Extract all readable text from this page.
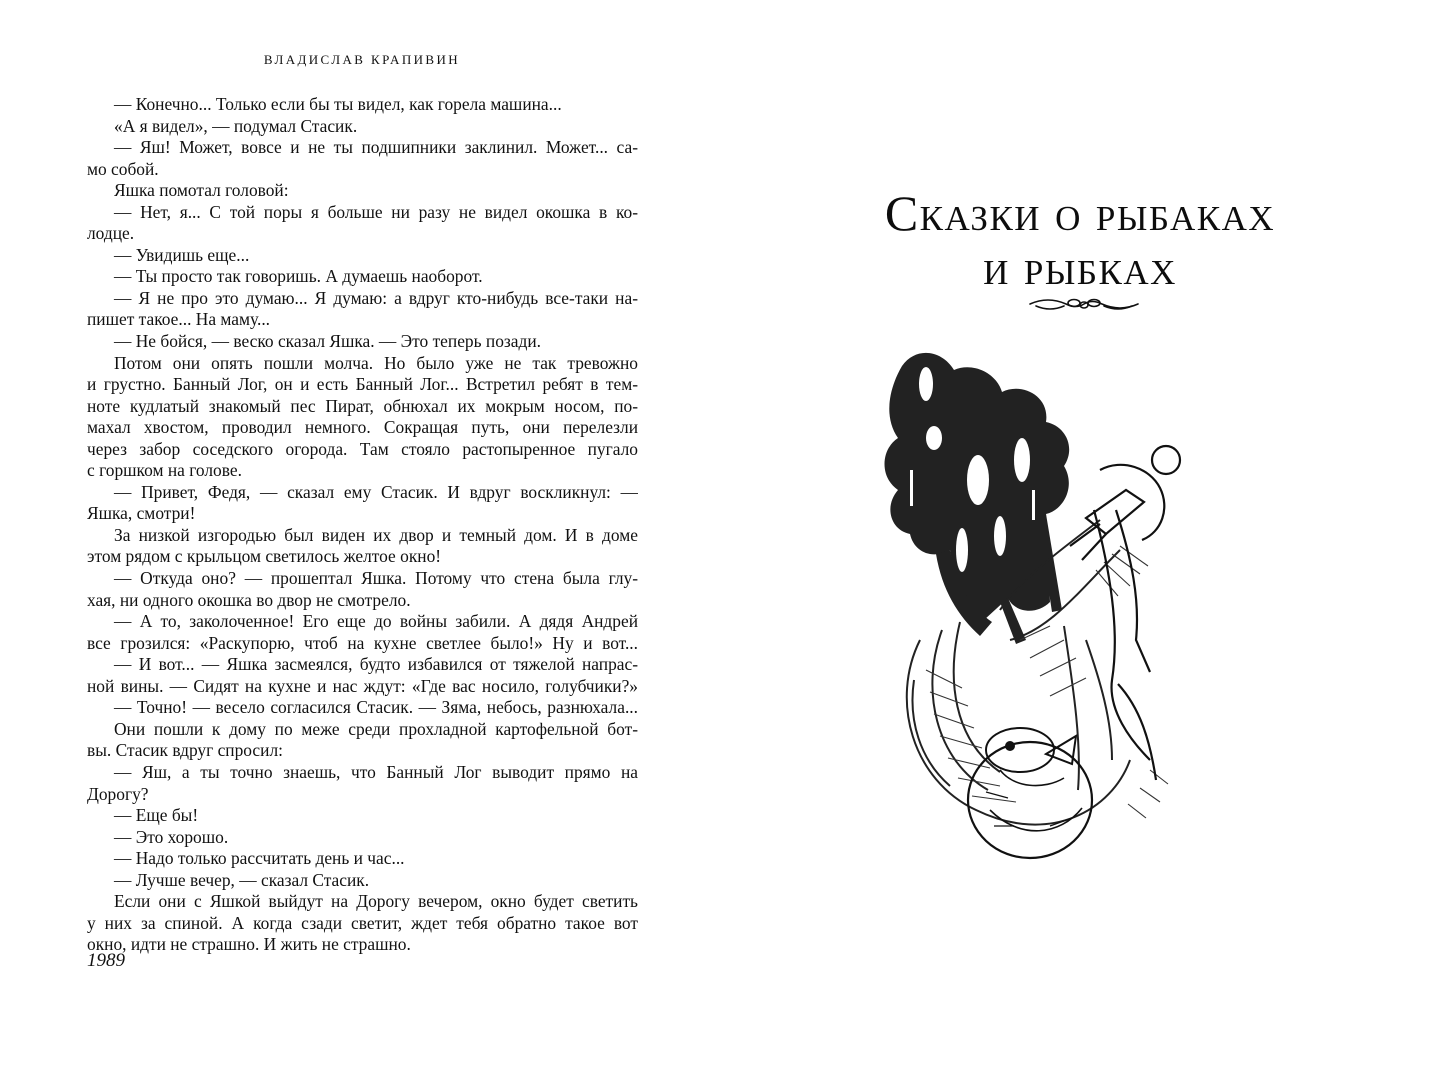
ВЛАДИСЛАВ КРАПИВИН
— Конечно... Только если бы ты видел, как горела машина...
«А я видел», — подумал Стасик.
— Яш! Может, вовсе и не ты подшипники заклинил. Может... са-
мо собой.
Яшка помотал головой:
— Нет, я... С той поры я больше ни разу не видел окошка в ко-
лодце.
— Увидишь еще...
— Ты просто так говоришь. А думаешь наоборот.
— Я не про это думаю... Я думаю: а вдруг кто-нибудь все-таки на-
пишет такое... На маму...
— Не бойся, — веско сказал Яшка. — Это теперь позади.
Потом они опять пошли молча. Но было уже не так тревожно
и грустно. Банный Лог, он и есть Банный Лог... Встретил ребят в тем-
ноте кудлатый знакомый пес Пират, обнюхал их мокрым носом, по-
махал хвостом, проводил немного. Сокращая путь, они перелезли
через забор соседского огорода. Там стояло растопыренное пугало
с горшком на голове.
— Привет, Федя, — сказал ему Стасик. И вдруг воскликнул: —
Яшка, смотри!
За низкой изгородью был виден их двор и темный дом. И в доме
этом рядом с крыльцом светилось желтое окно!
— Откуда оно? — прошептал Яшка. Потому что стена была глу-
хая, ни одного окошка во двор не смотрело.
— А то, заколоченное! Его еще до войны забили. А дядя Андрей
все грозился: «Раскупорю, чтоб на кухне светлее было!» Ну и вот...
— И вот... — Яшка засмеялся, будто избавился от тяжелой напрас-
ной вины. — Сидят на кухне и нас ждут: «Где вас носило, голубчики?»
— Точно! — весело согласился Стасик. — Зяма, небось, разнюхала...
Они пошли к дому по меже среди прохладной картофельной бот-
вы. Стасик вдруг спросил:
— Яш, а ты точно знаешь, что Банный Лог выводит прямо на
Дорогу?
— Еще бы!
— Это хорошо.
— Надо только рассчитать день и час...
— Лучше вечер, — сказал Стасик.
Если они с Яшкой выйдут на Дорогу вечером, окно будет светить
у них за спиной. А когда сзади светит, ждет тебя обратно такое вот
окно, идти не страшно. И жить не страшно.
1989
Сказки о рыбаках
и рыбках
